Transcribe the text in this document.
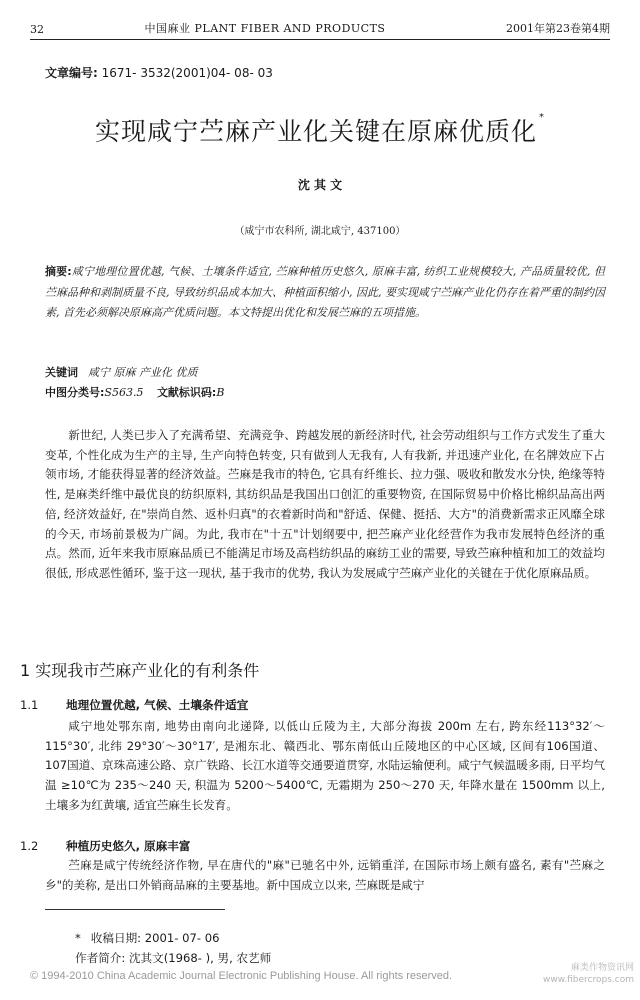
32	中国麻业 PLANT FIBER AND PRODUCTS	2001年第23卷第4期
文章编号: 1671- 3532(2001)04- 08- 03
实现咸宁苎麻产业化关键在原麻优质化 *
沈 其 文
（咸宁市农科所, 湖北咸宁, 437100）
摘要:咸宁地理位置优越, 气候、土壤条件适宜, 苎麻种植历史悠久, 原麻丰富, 纺织工业规模较大, 产品质量较优, 但苎麻品种和剥制质量不良, 导致纺织品成本加大、种植面积缩小, 因此, 要实现咸宁苎麻产业化仍存在着严重的制约因素, 首先必须解决原麻高产优质问题。本文特提出优化和发展苎麻的五项措施。
关键词 咸宁 原麻 产业化 优质
中图分类号:S563.5 文献标识码:B
新世纪, 人类已步入了充满希望、充满竞争、跨越发展的新经济时代, 社会劳动组织与工作方式发生了重大变革, 个性化成为生产的主导, 生产向特色转变, 只有做到人无我有, 人有我新, 并迅速产业化, 在名牌效应下占领市场, 才能获得显著的经济效益。苎麻是我市的特色, 它具有纤维长、拉力强、吸收和散发水分快, 绝缘等特性, 是麻类纤维中最优良的纺织原料, 其纺织品是我国出口创汇的重要物资, 在国际贸易中价格比棉织品高出两倍, 经济效益好, 在"崇尚自然、返朴归真"的衣着新时尚和"舒适、保健、挺括、大方"的消费新需求正风靡全球的今天, 市场前景极为广阔。为此, 我市在"十五"计划纲要中, 把苎麻产业化经营作为我市发展特色经济的重点。然而, 近年来我市原麻品质已不能满足市场及高档纺织品的麻纺工业的需要, 导致苎麻种植和加工的效益均很低, 形成恶性循环, 鉴于这一现状, 基于我市的优势, 我认为发展咸宁苎麻产业化的关键在于优化原麻品质。
1 实现我市苎麻产业化的有利条件
1.1 地理位置优越, 气候、土壤条件适宜
咸宁地处鄂东南, 地势由南向北递降, 以低山丘陵为主, 大部分海拔 200m 左右, 跨东经113°32′～115°30′, 北纬 29°30′～30°17′, 是湘东北、赣西北、鄂东南低山丘陵地区的中心区域, 区间有106国道、107国道、京珠高速公路、京广铁路、长江水道等交通要道贯穿, 水陆运输便利。咸宁气候温暖多雨, 日平均气温 ≥10℃为 235～240 天, 积温为 5200～5400℃, 无霜期为 250～270 天, 年降水量在 1500mm 以上, 土壤多为红黄壤, 适宜苎麻生长发育。
1.2 种植历史悠久, 原麻丰富
苎麻是咸宁传统经济作物, 早在唐代的"麻"已驰名中外, 远销重洋, 在国际市场上颇有盛名, 素有"苎麻之乡"的美称, 是出口外销商品麻的主要基地。新中国成立以来, 苎麻既是咸宁
* 收稿日期: 2001- 07- 06
作者简介: 沈其文(1968- ), 男, 农艺师
© 1994-2010 China Academic Journal Electronic Publishing House. All rights reserved.
麻类作物资讯网
www.fibercrops.com
